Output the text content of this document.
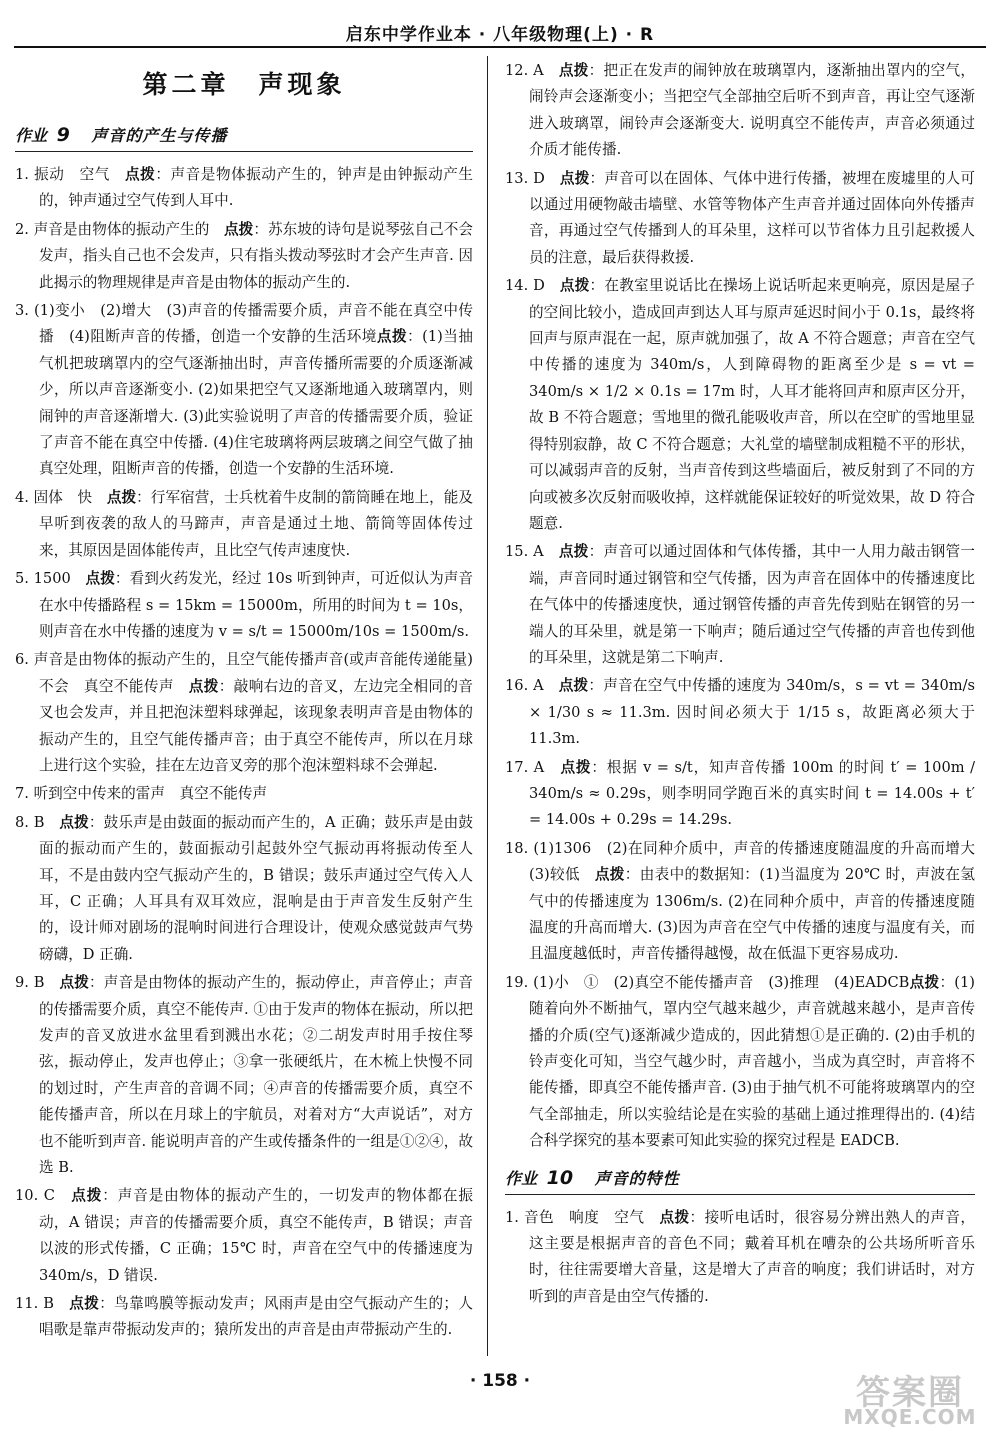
启东中学作业本 · 八年级物理(上) · R
第二章　声现象
作业 9 声音的产生与传播
1. 振动　空气　点拨：声音是物体振动产生的，钟声是由钟振动产生的，钟声通过空气传到人耳中.
2. 声音是由物体的振动产生的　点拨：苏东坡的诗句是说琴弦自己不会发声，指头自己也不会发声，只有指头拨动琴弦时才会产生声音. 因此揭示的物理规律是声音是由物体的振动产生的.
3. (1)变小　(2)增大　(3)声音的传播需要介质，声音不能在真空中传播　(4)阻断声音的传播，创造一个安静的生活环境点拨：(1)当抽气机把玻璃罩内的空气逐渐抽出时，声音传播所需要的介质逐渐减少，所以声音逐渐变小. (2)如果把空气又逐渐地通入玻璃罩内，则闹钟的声音逐渐增大. (3)此实验说明了声音的传播需要介质，验证了声音不能在真空中传播. (4)住宅玻璃将两层玻璃之间空气做了抽真空处理，阻断声音的传播，创造一个安静的生活环境.
4. 固体　快　点拨：行军宿营，士兵枕着牛皮制的箭筒睡在地上，能及早听到夜袭的敌人的马蹄声，声音是通过土地、箭筒等固体传过来，其原因是固体能传声，且比空气传声速度快.
5. 1500　点拨：看到火药发光，经过 10s 听到钟声，可近似认为声音在水中传播路程 s = 15km = 15000m，所用的时间为 t = 10s，则声音在水中传播的速度为 v = s/t = 15000m/10s = 1500m/s.
6. 声音是由物体的振动产生的，且空气能传播声音(或声音能传递能量)　不会　真空不能传声　点拨：敲响右边的音叉，左边完全相同的音叉也会发声，并且把泡沫塑料球弹起，该现象表明声音是由物体的振动产生的，且空气能传播声音；由于真空不能传声，所以在月球上进行这个实验，挂在左边音叉旁的那个泡沫塑料球不会弹起.
7. 听到空中传来的雷声　真空不能传声
8. B　点拨：鼓乐声是由鼓面的振动而产生的，A 正确；鼓乐声是由鼓面的振动而产生的，鼓面振动引起鼓外空气振动再将振动传至人耳，不是由鼓内空气振动产生的，B 错误；鼓乐声通过空气传入人耳，C 正确；人耳具有双耳效应，混响是由于声音发生反射产生的，设计师对剧场的混响时间进行合理设计，使观众感觉鼓声气势磅礴，D 正确.
9. B　点拨：声音是由物体的振动产生的，振动停止，声音停止；声音的传播需要介质，真空不能传声. ①由于发声的物体在振动，所以把发声的音叉放进水盆里看到溅出水花；②二胡发声时用手按住琴弦，振动停止，发声也停止；③拿一张硬纸片，在木梳上快慢不同的划过时，产生声音的音调不同；④声音的传播需要介质，真空不能传播声音，所以在月球上的宇航员，对着对方“大声说话”，对方也不能听到声音. 能说明声音的产生或传播条件的一组是①②④，故选 B.
10. C　点拨：声音是由物体的振动产生的，一切发声的物体都在振动，A 错误；声音的传播需要介质，真空不能传声，B 错误；声音以波的形式传播，C 正确；15℃ 时，声音在空气中的传播速度为 340m/s，D 错误.
11. B　点拨：鸟靠鸣膜等振动发声；风雨声是由空气振动产生的；人唱歌是靠声带振动发声的；猿所发出的声音是由声带振动产生的.
12. A　点拨：把正在发声的闹钟放在玻璃罩内，逐渐抽出罩内的空气，闹铃声会逐渐变小；当把空气全部抽空后听不到声音，再让空气逐渐进入玻璃罩，闹铃声会逐渐变大. 说明真空不能传声，声音必须通过介质才能传播.
13. D　点拨：声音可以在固体、气体中进行传播，被埋在废墟里的人可以通过用硬物敲击墙壁、水管等物体产生声音并通过固体向外传播声音，再通过空气传播到人的耳朵里，这样可以节省体力且引起救援人员的注意，最后获得救援.
14. D　点拨：在教室里说话比在操场上说话听起来更响亮，原因是屋子的空间比较小，造成回声到达人耳与原声延迟时间小于 0.1s，最终将回声与原声混在一起，原声就加强了，故 A 不符合题意；声音在空气中传播的速度为 340m/s，人到障碍物的距离至少是 s = vt = 340m/s × 1/2 × 0.1s = 17m 时，人耳才能将回声和原声区分开，故 B 不符合题意；雪地里的微孔能吸收声音，所以在空旷的雪地里显得特别寂静，故 C 不符合题意；大礼堂的墙壁制成粗糙不平的形状，可以减弱声音的反射，当声音传到这些墙面后，被反射到了不同的方向或被多次反射而吸收掉，这样就能保证较好的听觉效果，故 D 符合题意.
15. A　点拨：声音可以通过固体和气体传播，其中一人用力敲击钢管一端，声音同时通过钢管和空气传播，因为声音在固体中的传播速度比在气体中的传播速度快，通过钢管传播的声音先传到贴在钢管的另一端人的耳朵里，就是第一下响声；随后通过空气传播的声音也传到他的耳朵里，这就是第二下响声.
16. A　点拨：声音在空气中传播的速度为 340m/s，s = vt = 340m/s × 1/30 s ≈ 11.3m. 因时间必须大于 1/15 s，故距离必须大于 11.3m.
17. A　点拨：根据 v = s/t，知声音传播 100m 的时间 t′ = 100m / 340m/s ≈ 0.29s，则李明同学跑百米的真实时间 t = 14.00s + t′ = 14.00s + 0.29s = 14.29s.
18. (1)1306　(2)在同种介质中，声音的传播速度随温度的升高而增大　(3)较低　点拨：由表中的数据知：(1)当温度为 20℃ 时，声波在氢气中的传播速度为 1306m/s. (2)在同种介质中，声音的传播速度随温度的升高而增大. (3)因为声音在空气中传播的速度与温度有关，而且温度越低时，声音传播得越慢，故在低温下更容易成功.
19. (1)小　①　(2)真空不能传播声音　(3)推理　(4)EADCB点拨：(1)随着向外不断抽气，罩内空气越来越少，声音就越来越小，是声音传播的介质(空气)逐渐减少造成的，因此猜想①是正确的. (2)由手机的铃声变化可知，当空气越少时，声音越小，当成为真空时，声音将不能传播，即真空不能传播声音. (3)由于抽气机不可能将玻璃罩内的空气全部抽走，所以实验结论是在实验的基础上通过推理得出的. (4)结合科学探究的基本要素可知此实验的探究过程是 EADCB.
作业 10 声音的特性
1. 音色　响度　空气　点拨：接听电话时，很容易分辨出熟人的声音，这主要是根据声音的音色不同；戴着耳机在嘈杂的公共场所听音乐时，往往需要增大音量，这是增大了声音的响度；我们讲话时，对方听到的声音是由空气传播的.
· 158 ·	答案圈
MXQE.COM
